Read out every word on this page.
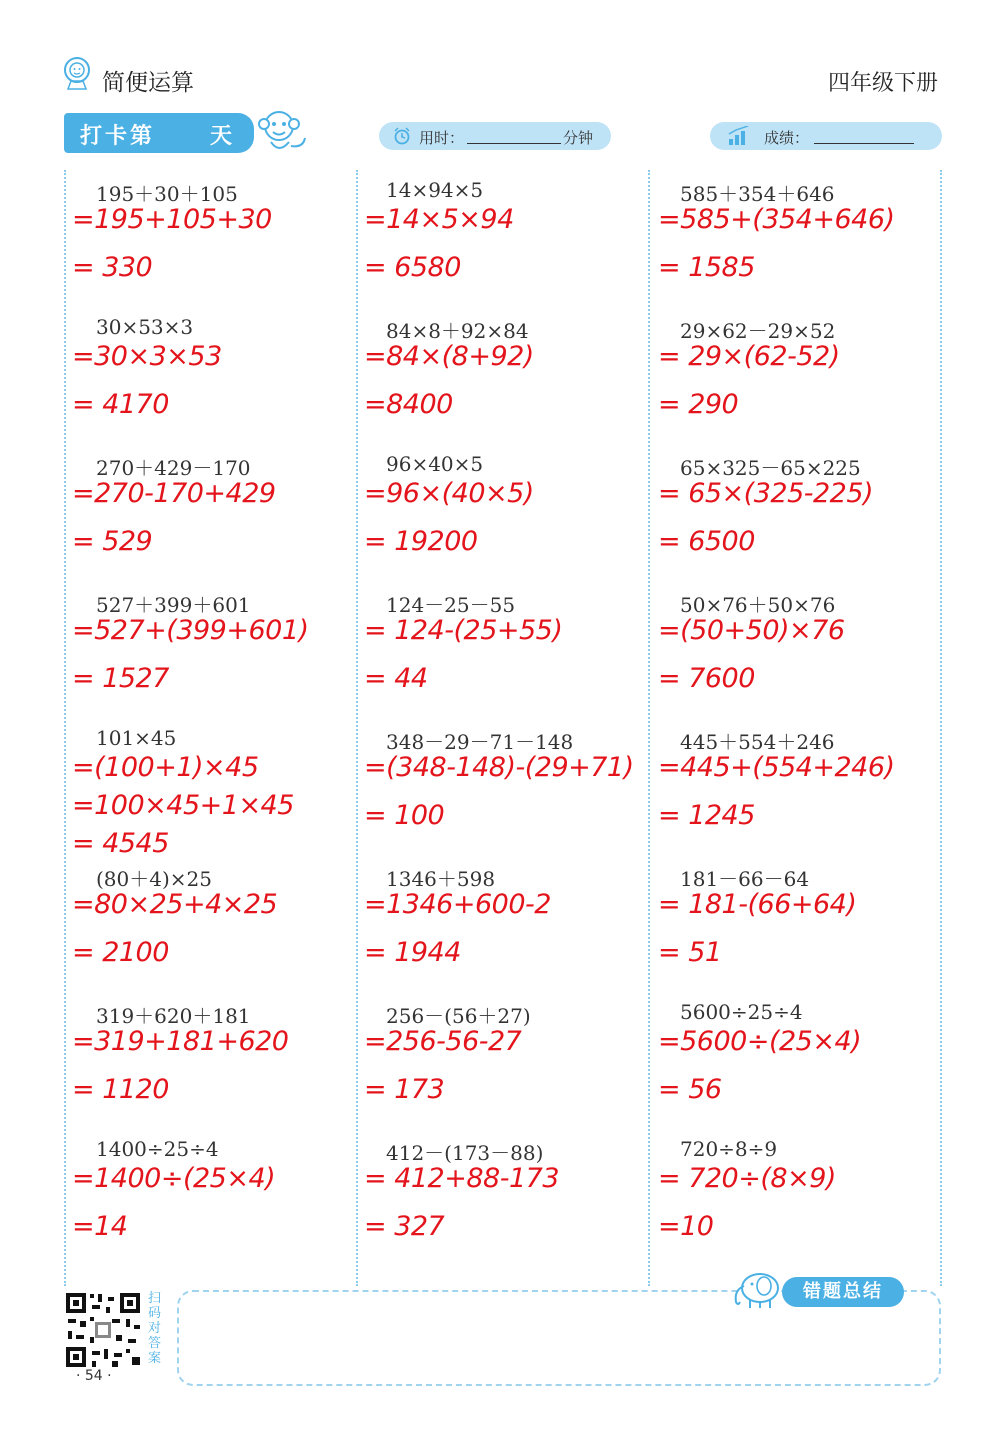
简便运算	四年级下册
打卡第 天	用时：	分钟	成绩：
195＋30＋105
=195+105+30
= 330
30×53×3
=30×3×53
= 4170
270＋429－170
=270-170+429
= 529
527＋399＋601
=527+(399+601)
= 1527
101×45
=(100+1)×45
=100×45+1×45
= 4545
(80＋4)×25
=80×25+4×25
= 2100
319＋620＋181
=319+181+620
= 1120
1400÷25÷4
=1400÷(25×4)
=14
14×94×5
=14×5×94
= 6580
84×8＋92×84
=84×(8+92)
=8400
96×40×5
=96×(40×5)
= 19200
124－25－55
= 124-(25+55)
= 44
348－29－71－148
=(348-148)-(29+71)
= 100
1346＋598
=1346+600-2
= 1944
256－(56＋27)
=256-56-27
= 173
412－(173－88)
= 412+88-173
= 327
585＋354＋646
=585+(354+646)
= 1585
29×62－29×52
= 29×(62-52)
= 290
65×325－65×225
= 65×(325-225)
= 6500
50×76＋50×76
=(50+50)×76
= 7600
445＋554＋246
=445+(554+246)
= 1245
181－66－64
= 181-(66+64)
= 51
5600÷25÷4
=5600÷(25×4)
= 56
720÷8÷9
= 720÷(8×9)
=10
扫码对答案
· 54 ·
错题总结
